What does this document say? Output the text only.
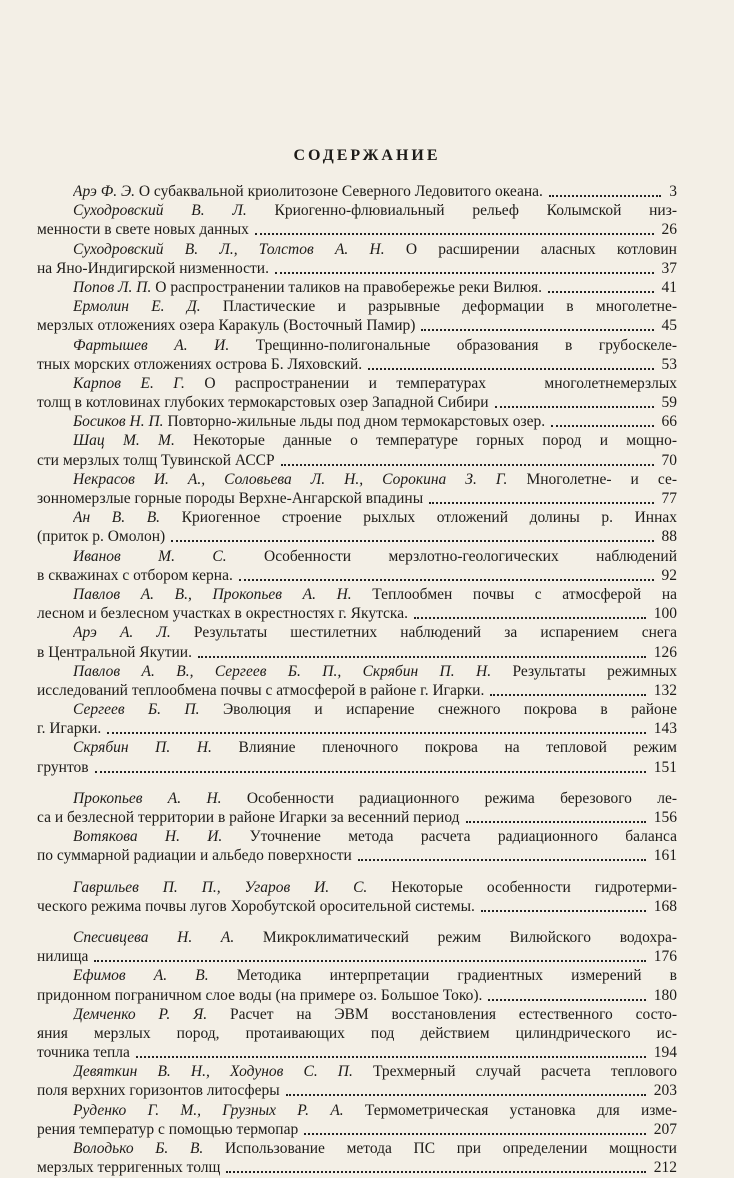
СОДЕРЖАНИЕ
Арэ Ф. Э. О субаквальной криолитозоне Северного Ледовитого океана.	3
Суходровский В. Л. Криогенно-флювиальный рельеф Колымской низ-
менности в свете новых данных	26
Суходровский В. Л., Толстов А. Н. О расширении аласных котловин
на Яно-Индигирской низменности.	37
Попов Л. П. О распространении таликов на правобережье реки Вилюя.	41
Ермолин Е. Д. Пластические и разрывные деформации в многолетне-
мерзлых отложениях озера Каракуль (Восточный Памир)	45
Фартышев А. И. Трещинно-полигональные образования в грубоскеле-
тных морских отложениях острова Б. Ляховский.	53
Карпов Е. Г. О распространении и температурах   многолетнемерзлых
толщ в котловинах глубоких термокарстовых озер Западной Сибири	59
Босиков Н. П. Повторно-жильные льды под дном термокарстовых озер.	66
Шац М. М. Некоторые данные о температуре горных пород и мощно-
сти мерзлых толщ Тувинской АССР	70
Некрасов И. А., Соловьева Л. Н., Сорокина З. Г. Многолетне- и се-
зонномерзлые горные породы Верхне-Ангарской впадины	77
Ан В. В. Криогенное строение рыхлых отложений долины р. Иннах
(приток р. Омолон)	88
Иванов М. С. Особенности мерзлотно-геологических наблюдений
в скважинах с отбором керна.	92
Павлов А. В., Прокопьев А. Н. Теплообмен почвы с атмосферой на
лесном и безлесном участках в окрестностях г. Якутска.	100
Арэ А. Л. Результаты шестилетних наблюдений за испарением снега
в Центральной Якутии.	126
Павлов А. В., Сергеев Б. П., Скрябин П. Н. Результаты режимных
исследований теплообмена почвы с атмосферой в районе г. Игарки.	132
Сергеев Б. П. Эволюция и испарение снежного покрова в районе
г. Игарки.	143
Скрябин П. Н. Влияние пленочного покрова на тепловой режим
грунтов	151
Прокопьев А. Н. Особенности радиационного режима березового ле-
са и безлесной территории в районе Игарки за весенний период	156
Вотякова Н. И. Уточнение метода расчета радиационного баланса
по суммарной радиации и альбедо поверхности	161
Гаврильев П. П., Угаров И. С. Некоторые особенности гидротерми-
ческого режима почвы лугов Хоробутской оросительной системы.	168
Спесивцева Н. А. Микроклиматический режим Вилюйского водохра-
нилища	176
Ефимов А. В. Методика интерпретации градиентных измерений в
придонном пограничном слое воды (на примере оз. Большое Токо).	180
Демченко Р. Я. Расчет на ЭВМ восстановления естественного состо-
яния мерзлых пород, протаивающих под действием цилиндрического ис-
точника тепла	194
Девяткин В. Н., Ходунов С. П. Трехмерный случай расчета теплового
поля верхних горизонтов литосферы	203
Руденко Г. М., Грузных Р. А. Термометрическая установка для изме-
рения температур с помощью термопар	207
Володько Б. В. Использование метода ПС при определении мощности
мерзлых терригенных толщ	212
